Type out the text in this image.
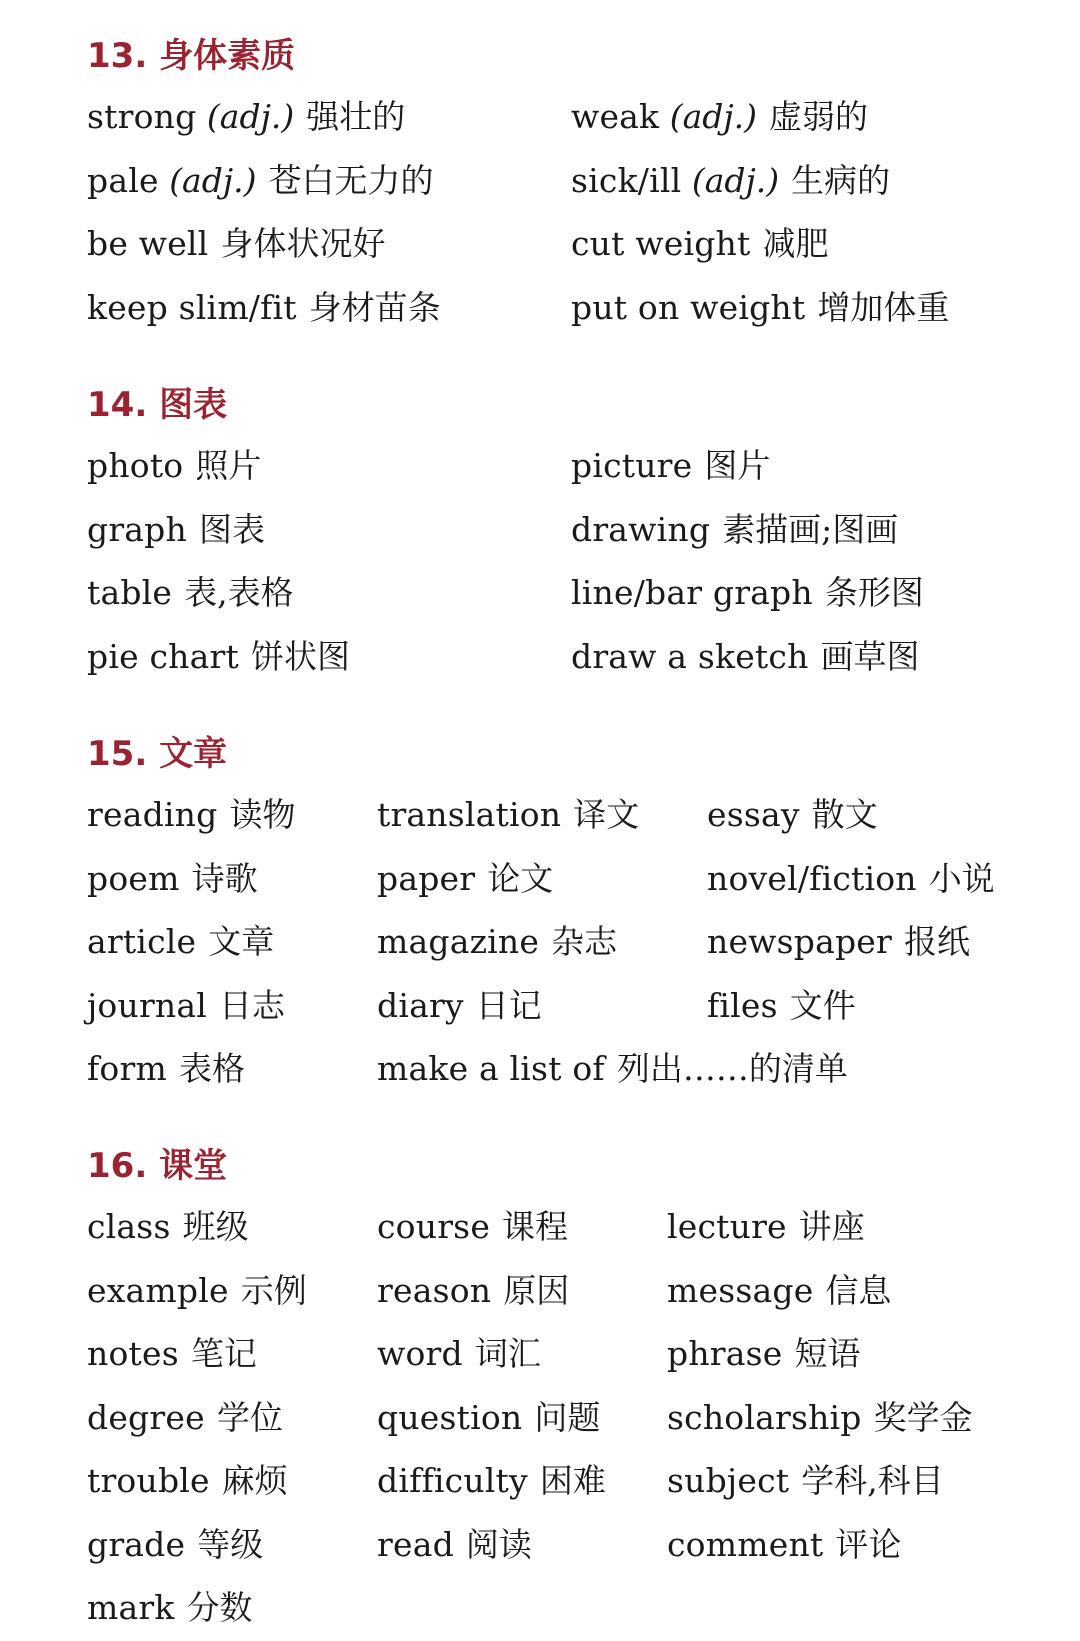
13. 身体素质
strong (adj.) 强壮的	weak (adj.) 虚弱的
pale (adj.) 苍白无力的	sick/ill (adj.) 生病的
be well 身体状况好	cut weight 减肥
keep slim/fit 身材苗条	put on weight 增加体重
14. 图表
photo 照片	picture 图片
graph 图表	drawing 素描画;图画
table 表,表格	line/bar graph 条形图
pie chart 饼状图	draw a sketch 画草图
15. 文章
reading 读物	translation 译文	essay 散文
poem 诗歌	paper 论文	novel/fiction 小说
article 文章	magazine 杂志	newspaper 报纸
journal 日志	diary 日记	files 文件
form 表格	make a list of 列出……的清单
16. 课堂
class 班级	course 课程	lecture 讲座
example 示例	reason 原因	message 信息
notes 笔记	word 词汇	phrase 短语
degree 学位	question 问题	scholarship 奖学金
trouble 麻烦	difficulty 困难	subject 学科,科目
grade 等级	read 阅读	comment 评论
mark 分数
